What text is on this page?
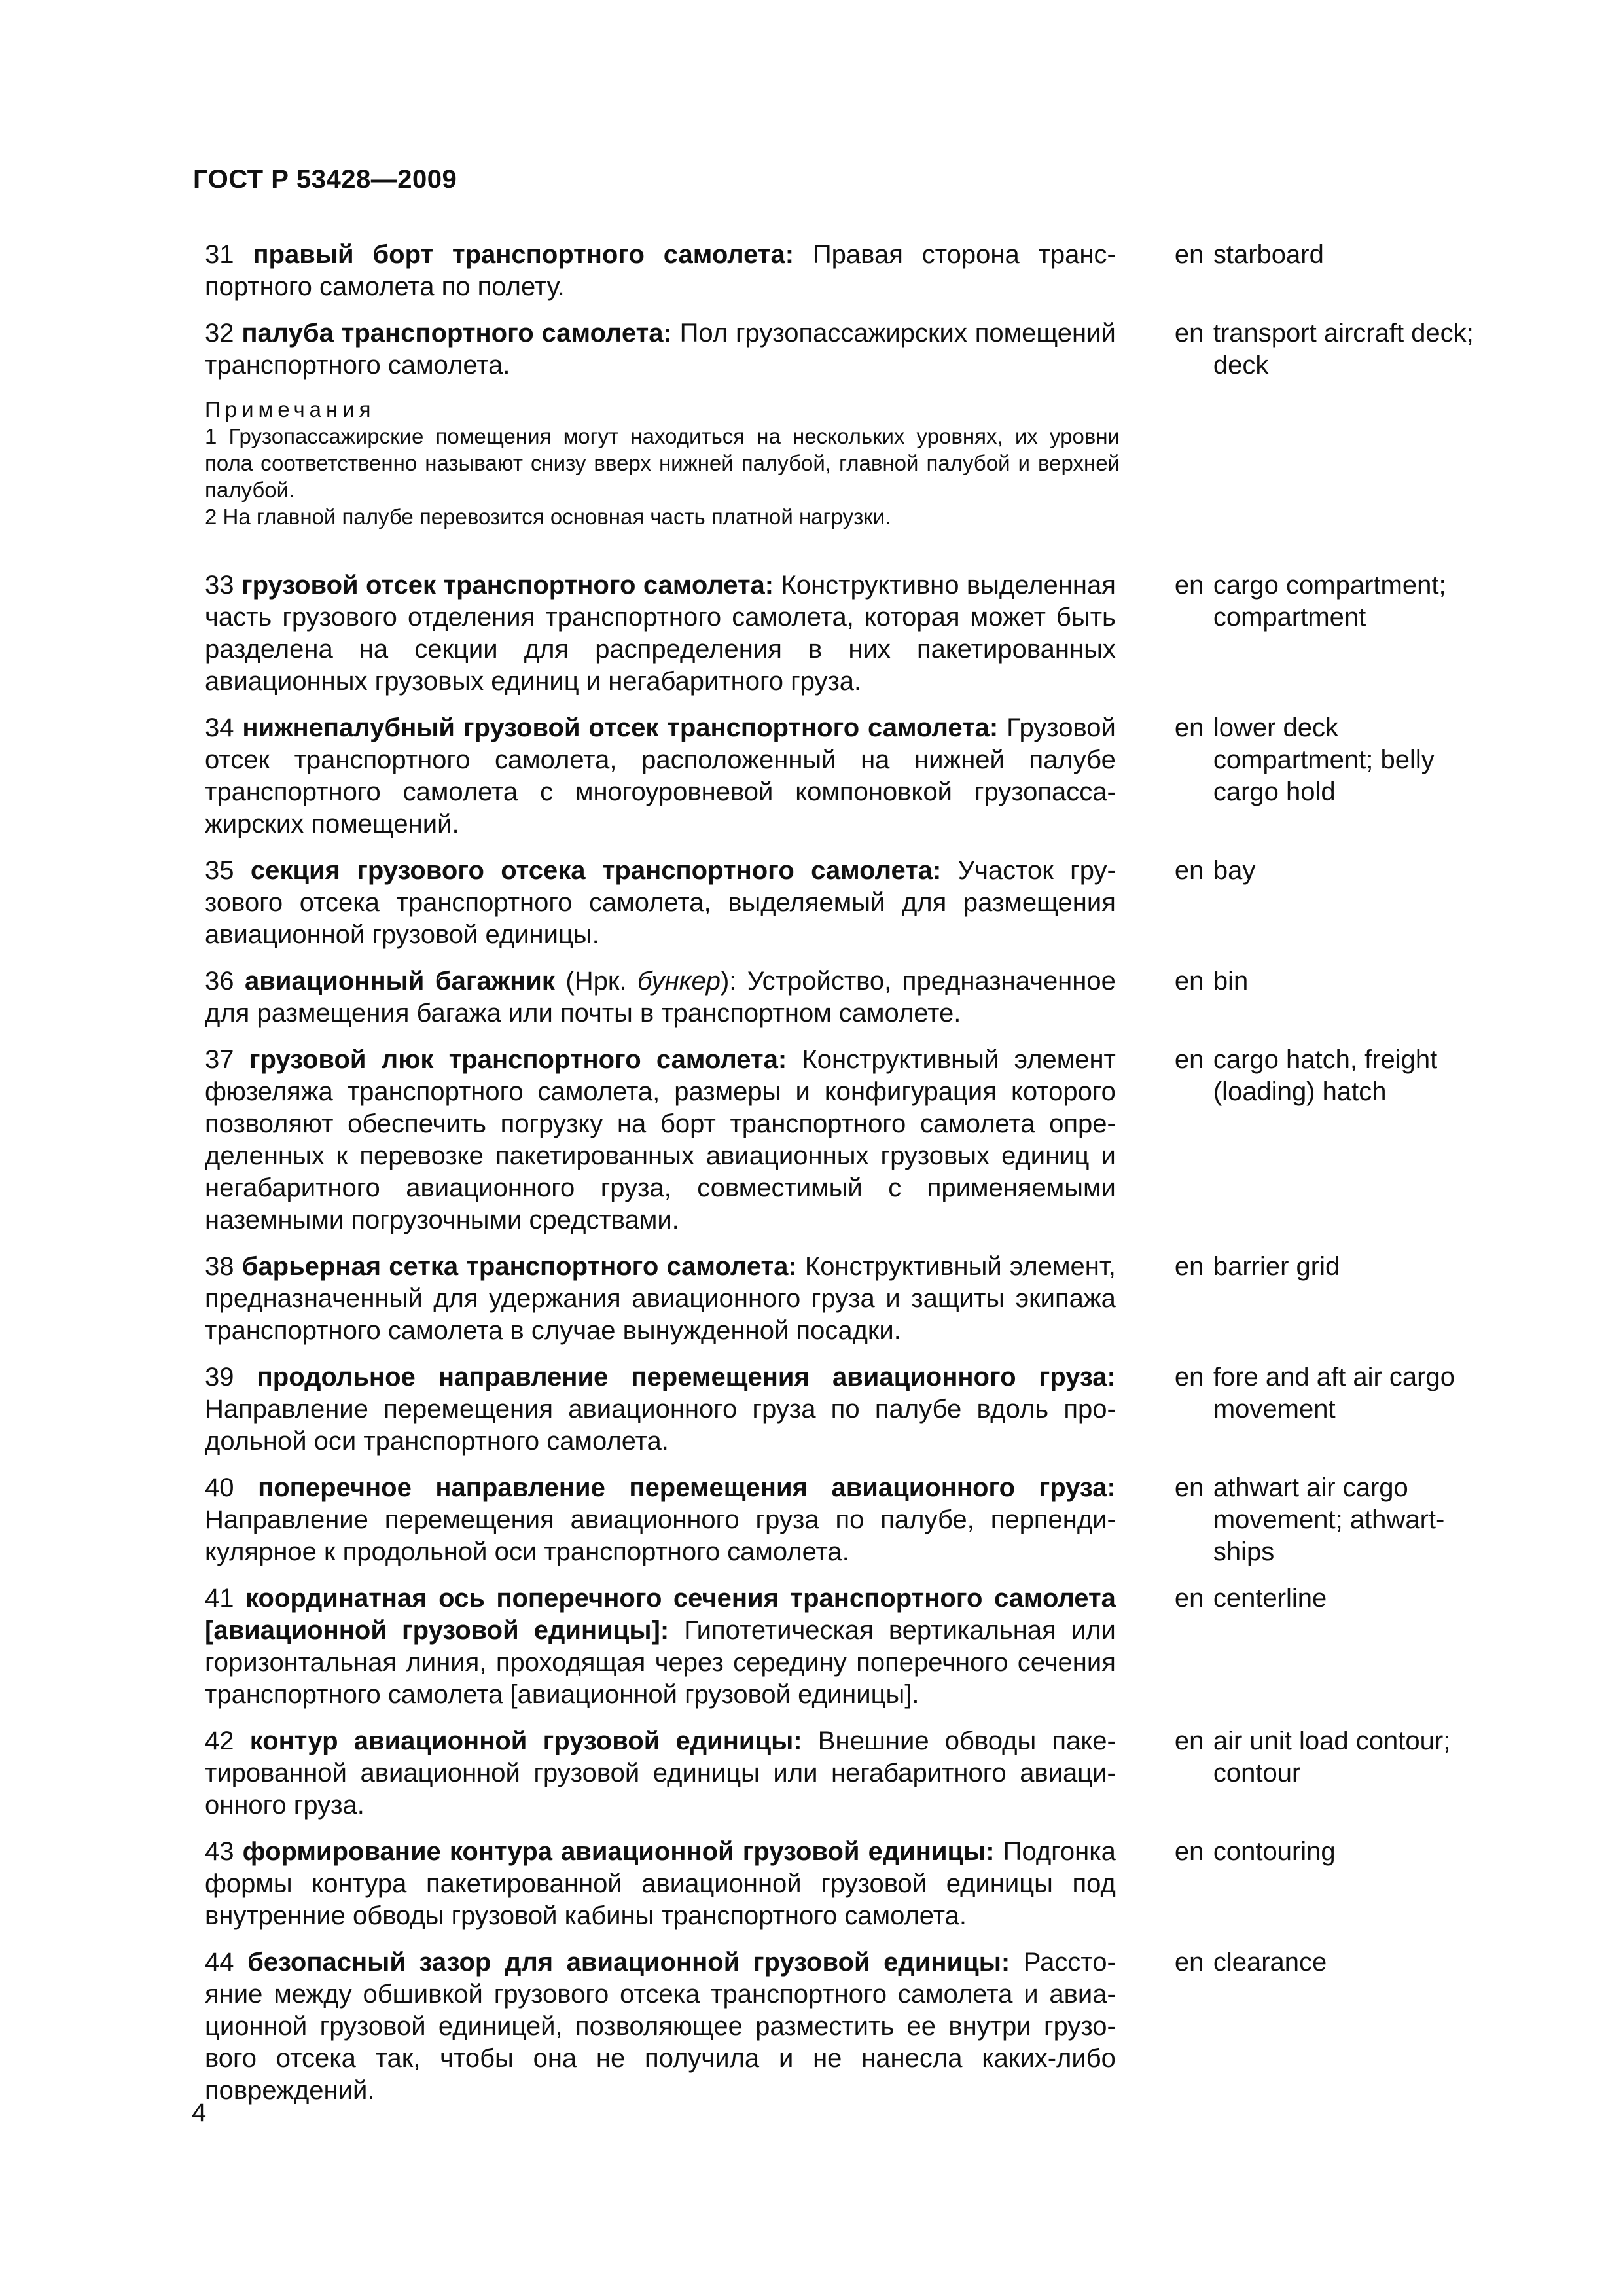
ГОСТ Р 53428—2009
31 правый борт транспортного самолета: Правая сторона транспортного самолета по полету.
en starboard
32 палуба транспортного самолета: Пол грузопассажирских помещений транспортного самолета.
en transport aircraft deck; deck
Примечания
1 Грузопассажирские помещения могут находиться на нескольких уровнях, их уровни пола соответственно называют снизу вверх нижней палубой, главной палубой и верхней палубой.
2 На главной палубе перевозится основная часть платной нагрузки.
33 грузовой отсек транспортного самолета: Конструктивно выделенная часть грузового отделения транспортного самолета, которая может быть разделена на секции для распределения в них пакетированных авиационных грузовых единиц и негабаритного груза.
en cargo compartment; compartment
34 нижнепалубный грузовой отсек транспортного самолета: Грузовой отсек транспортного самолета, расположенный на нижней палубе транспортного самолета с многоуровневой компоновкой грузопассажирских помещений.
en lower deck compartment; belly cargo hold
35 секция грузового отсека транспортного самолета: Участок грузового отсека транспортного самолета, выделяемый для размещения авиационной грузовой единицы.
en bay
36 авиационный багажник (Нрк. бункер): Устройство, предназначенное для размещения багажа или почты в транспортном самолете.
en bin
37 грузовой люк транспортного самолета: Конструктивный элемент фюзеляжа транспортного самолета, размеры и конфигурация которого позволяют обеспечить погрузку на борт транспортного самолета определенных к перевозке пакетированных авиационных грузовых единиц и негабаритного авиационного груза, совместимый с применяемыми наземными погрузочными средствами.
en cargo hatch, freight (loading) hatch
38 барьерная сетка транспортного самолета: Конструктивный элемент, предназначенный для удержания авиационного груза и защиты экипажа транспортного самолета в случае вынужденной посадки.
en barrier grid
39 продольное направление перемещения авиационного груза: Направление перемещения авиационного груза по палубе вдоль продольной оси транспортного самолета.
en fore and aft air cargo movement
40 поперечное направление перемещения авиационного груза: Направление перемещения авиационного груза по палубе, перпендикулярное к продольной оси транспортного самолета.
en athwart air cargo movement; athwartships
41 координатная ось поперечного сечения транспортного самолета [авиационной грузовой единицы]: Гипотетическая вертикальная или горизонтальная линия, проходящая через середину поперечного сечения транспортного самолета [авиационной грузовой единицы].
en centerline
42 контур авиационной грузовой единицы: Внешние обводы пакетированной авиационной грузовой единицы или негабаритного авиационного груза.
en air unit load contour; contour
43 формирование контура авиационной грузовой единицы: Подгонка формы контура пакетированной авиационной грузовой единицы под внутренние обводы грузовой кабины транспортного самолета.
en contouring
44 безопасный зазор для авиационной грузовой единицы: Расстояние между обшивкой грузового отсека транспортного самолета и авиационной грузовой единицей, позволяющее разместить ее внутри грузового отсека так, чтобы она не получила и не нанесла каких-либо повреждений.
en clearance
4
